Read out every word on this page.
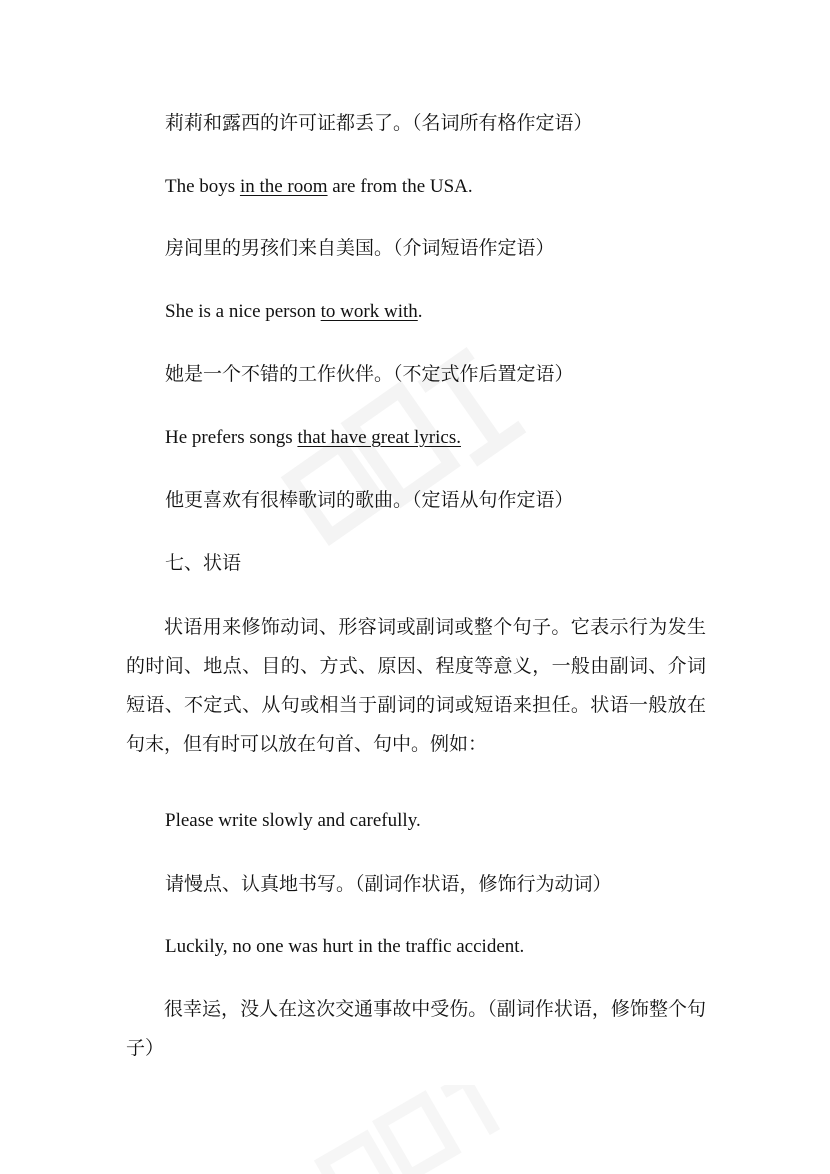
莉莉和露西的许可证都丢了。（名词所有格作定语）
The boys in the room are from the USA.
房间里的男孩们来自美国。（介词短语作定语）
She is a nice person to work with.
她是一个不错的工作伙伴。（不定式作后置定语）
He prefers songs that have great lyrics.
他更喜欢有很棒歌词的歌曲。（定语从句作定语）
七、状语
状语用来修饰动词、形容词或副词或整个句子。它表示行为发生的时间、地点、目的、方式、原因、程度等意义，一般由副词、介词短语、不定式、从句或相当于副词的词或短语来担任。状语一般放在句末，但有时可以放在句首、句中。例如：
Please write slowly and carefully.
请慢点、认真地书写。（副词作状语，修饰行为动词）
Luckily, no one was hurt in the traffic accident.
很幸运，没人在这次交通事故中受伤。（副词作状语，修饰整个句子）
